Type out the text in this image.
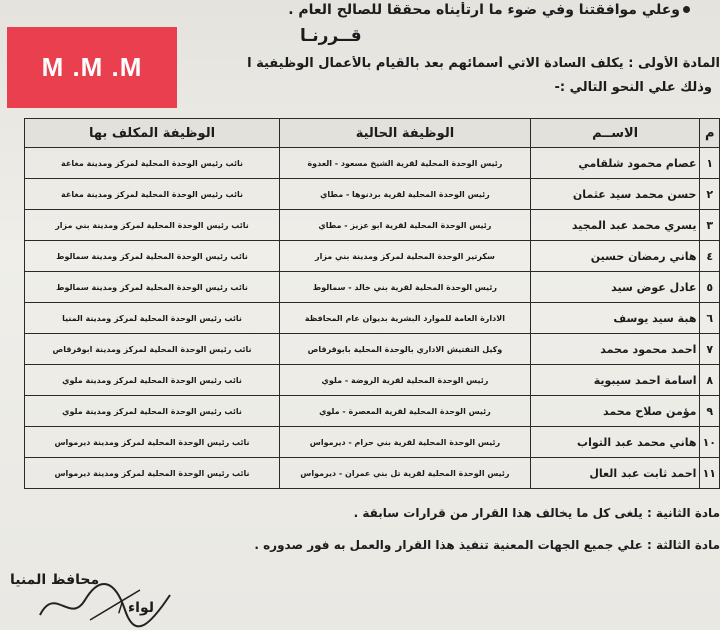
وعلي موافقتنا وفي ضوء ما ارتأيناه محققا للصالح العام .
قــررنـا
المادة الأولى : يكلف السادة الاتي أسمائهم بعد بالقيام بالأعمال الوظيفية ا
وذلك علي النحو التالي :-
M .M .M
م	الاســم	الوظيفة الحالية	الوظيفة المكلف بها
١	عصام محمود شلقامي	رئيس الوحدة المحلية لقرية الشيخ مسعود - العدوة	نائب رئيس الوحدة المحلية لمركز ومدينة مغاغة
٢	حسن محمد سيد عثمان	رئيس الوحدة المحلية لقرية بردنوها - مطاي	نائب رئيس الوحدة المحلية لمركز ومدينة مغاغة
٣	يسري محمد عبد المجيد	رئيس الوحدة المحلية لقرية ابو عزيز - مطاي	نائب رئيس الوحدة المحلية لمركز ومدينة بني مزار
٤	هاني رمضان حسين	سكرتير الوحدة المحلية لمركز ومدينة بني مزار	نائب رئيس الوحدة المحلية لمركز ومدينة سمالوط
٥	عادل عوض سيد	رئيس الوحدة المحلية لقرية بني خالد - سمالوط	نائب رئيس الوحدة المحلية لمركز ومدينة سمالوط
٦	هبة سيد يوسف	الادارة العامة للموارد البشرية بديوان عام المحافظة	نائب رئيس الوحدة المحلية لمركز ومدينة المنيا
٧	احمد محمود محمد	وكيل التفتيش الاداري بالوحدة المحلية بابوقرقاص	نائب رئيس الوحدة المحلية لمركز ومدينة ابوقرقاص
٨	اسامة احمد سيبوية	رئيس الوحدة المحلية لقرية الروضة - ملوي	نائب رئيس الوحدة المحلية لمركز ومدينة ملوي
٩	مؤمن صلاح محمد	رئيس الوحدة المحلية لقرية المعصرة - ملوي	نائب رئيس الوحدة المحلية لمركز ومدينة ملوي
١٠	هاني محمد عبد التواب	رئيس الوحدة المحلية لقرية بني حرام - ديرمواس	نائب رئيس الوحدة المحلية لمركز ومدينة ديرمواس
١١	احمد ثابت عبد العال	رئيس الوحدة المحلية لقرية تل بني عمران - ديرمواس	نائب رئيس الوحدة المحلية لمركز ومدينة ديرمواس
مادة الثانية : يلغى كل ما يخالف هذا القرار من قرارات سابقة .
مادة الثالثة : علي جميع الجهات المعنية تنفيذ هذا القرار والعمل به فور صدوره .
محافظ المنيا
لواء /
